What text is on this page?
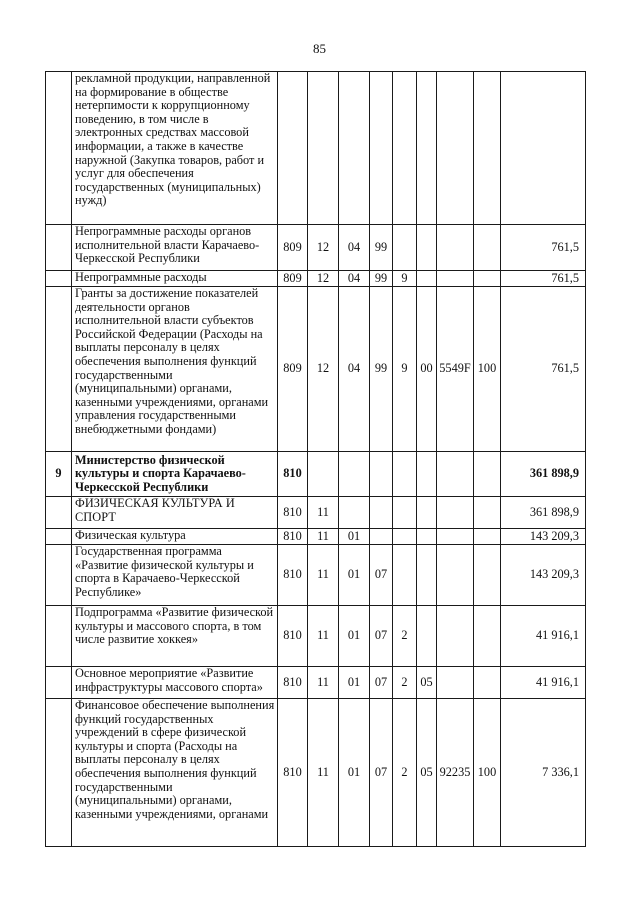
85
	рекламной продукции, направленной на формирование в обществе нетерпимости к коррупционному поведению, в том числе в электронных средствах массовой информации, а также в качестве наружной (Закупка товаров, работ и услуг для обеспечения государственных (муниципальных) нужд)									
	Непрограммные расходы органов исполнительной власти Карачаево-Черкесской Республики	809	12	04	99					761,5
	Непрограммные расходы	809	12	04	99	9				761,5
	Гранты за достижение показателей деятельности органов исполнительной власти субъектов Российской Федерации (Расходы на выплаты персоналу в целях обеспечения выполнения функций государственными (муниципальными) органами, казенными учреждениями, органами управления государственными внебюджетными фондами)	809	12	04	99	9	00	5549F	100	761,5
9	Министерство физической культуры и спорта Карачаево-Черкесской Республики	810								361 898,9
	ФИЗИЧЕСКАЯ КУЛЬТУРА И СПОРТ	810	11							361 898,9
	Физическая культура	810	11	01						143 209,3
	Государственная программа «Развитие физической культуры и спорта в Карачаево-Черкесской Республике»	810	11	01	07					143 209,3
	Подпрограмма «Развитие физической культуры и массового спорта, в том числе развитие хоккея»	810	11	01	07	2				41 916,1
	Основное мероприятие «Развитие инфраструктуры массового спорта»	810	11	01	07	2	05			41 916,1
	Финансовое обеспечение выполнения функций государственных учреждений в сфере физической культуры и спорта (Расходы на выплаты персоналу в целях обеспечения выполнения функций государственными (муниципальными) органами, казенными учреждениями, органами	810	11	01	07	2	05	92235	100	7 336,1
